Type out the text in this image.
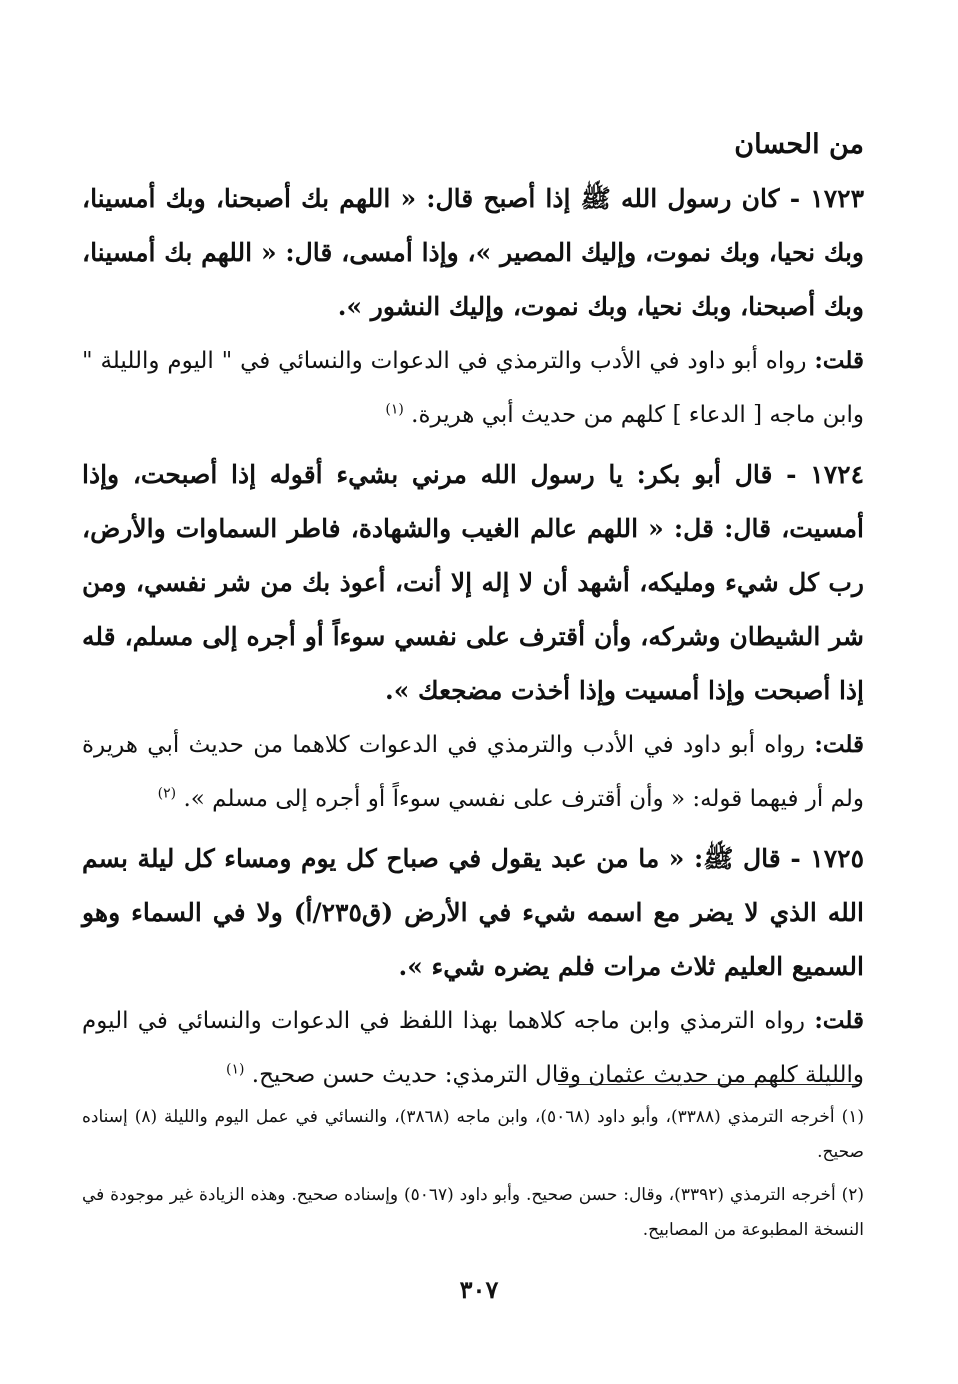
من الحسان

١٧٢٣ - كان رسول الله ﷺ إذا أصبح قال: « اللهم بك أصبحنا، وبك أمسينا، وبك نحيا، وبك نموت، وإليك المصير »، وإذا أمسى، قال: « اللهم بك أمسينا، وبك أصبحنا، وبك نحيا، وبك نموت، وإليك النشور ».

قلت: رواه أبو داود في الأدب والترمذي في الدعوات والنسائي في " اليوم والليلة " وابن ماجه [ الدعاء ] كلهم من حديث أبي هريرة. $^{(١)}$

١٧٢٤ - قال أبو بكر: يا رسول الله مرني بشيء أقوله إذا أصبحت، وإذا أمسيت، قال: قل: « اللهم عالم الغيب والشهادة، فاطر السماوات والأرض، رب كل شيء ومليكه، أشهد أن لا إله إلا أنت، أعوذ بك من شر نفسي، ومن شر الشيطان وشركه، وأن أقترف على نفسي سوءاً أو أجره إلى مسلم، قله إذا أصبحت وإذا أمسيت وإذا أخذت مضجعك ».

قلت: رواه أبو داود في الأدب والترمذي في الدعوات كلاهما من حديث أبي هريرة ولم أر فيهما قوله: « وأن أقترف على نفسي سوءاً أو أجره إلى مسلم ». $^{(٢)}$

١٧٢٥ - قال ﷺ: « ما من عبد يقول في صباح كل يوم ومساء كل ليلة بسم الله الذي لا يضر مع اسمه شيء في الأرض (ق٢٣٥/أ) ولا في السماء وهو السميع العليم ثلاث مرات فلم يضره شيء ».

قلت: رواه الترمذي وابن ماجه كلاهما بهذا اللفظ في الدعوات والنسائي في اليوم والليلة كلهم من حديث عثمان وقال الترمذي: حديث حسن صحيح. $^{(١)}$

(١) أخرجه الترمذي (٣٣٨٨)، وأبو داود (٥٠٦٨)، وابن ماجه (٣٨٦٨)، والنسائي في عمل اليوم والليلة (٨) إسناده صحيح.

(٢) أخرجه الترمذي (٣٣٩٢)، وقال: حسن صحيح. وأبو داود (٥٠٦٧) وإسناده صحيح. وهذه الزيادة غير موجودة في النسخة المطبوعة من المصابيح.

٣٠٧
